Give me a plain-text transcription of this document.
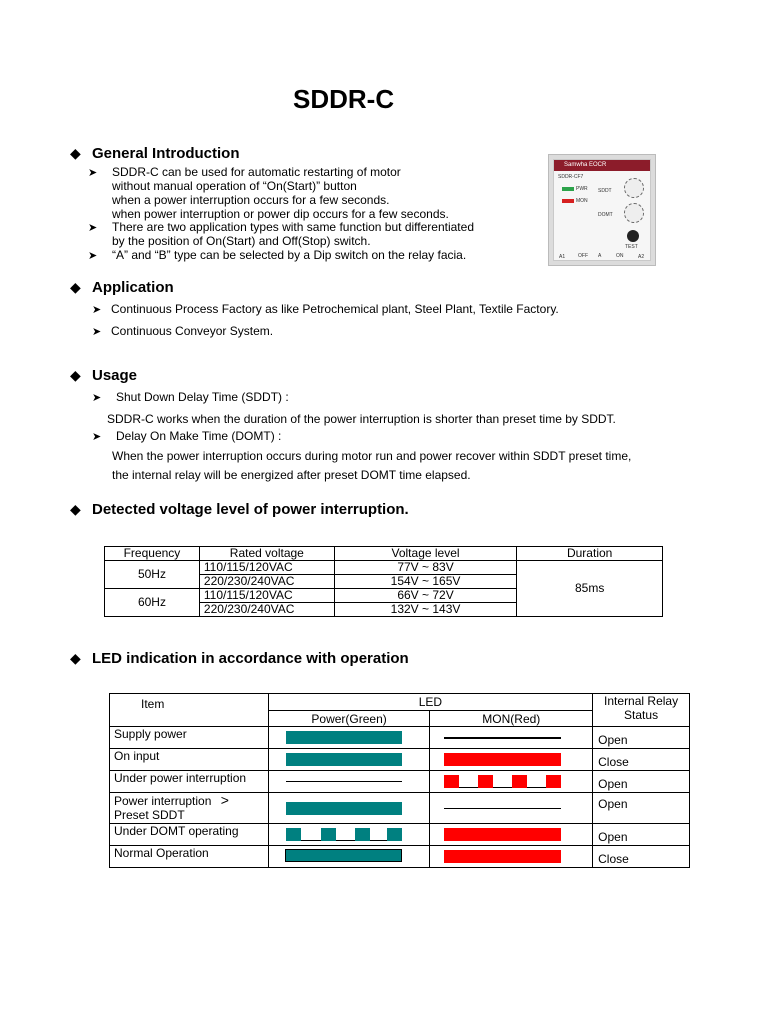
SDDR-C
◆ General Introduction
➤ SDDR-C can be used for automatic restarting of motor
without manual operation of “On(Start)” button
when a power interruption occurs for a few seconds.
when power interruption or power dip occurs for a few seconds.
➤ There are two application types with same function but differentiated
by the position of On(Start) and Off(Stop) switch.
➤ “A” and “B” type can be selected by a Dip switch on the relay facia.
Samwha EOCR
SDDR-CF7
PWR
MON
SDDT
DOMT
TEST
A1	OFF A	ON	A2
◆ Application
➤ Continuous Process Factory as like Petrochemical plant, Steel Plant, Textile Factory.
➤ Continuous Conveyor System.
◆ Usage
➤ Shut Down Delay Time (SDDT) :
SDDR-C works when the duration of the power interruption is shorter than preset time by SDDT.
➤ Delay On Make Time (DOMT) :
When the power interruption occurs during motor run and power recover within SDDT preset time,
the internal relay will be energized after preset DOMT time elapsed.
◆ Detected voltage level of power interruption.
Frequency	Rated voltage	Voltage level	Duration
50Hz	110/115/120VAC	77V ~ 83V	85ms
	220/230/240VAC	154V ~ 165V	
60Hz	110/115/120VAC	66V ~ 72V	
	220/230/240VAC	132V ~ 143V	
◆ LED indication in accordance with operation
Item	LED		Internal Relay Status
	Power(Green)	MON(Red)	
Supply power			Open
On input			Close
Under power interruption			Open
Power interruption >
Preset SDDT			Open
Under DOMT operating			Open
Normal Operation			Close
